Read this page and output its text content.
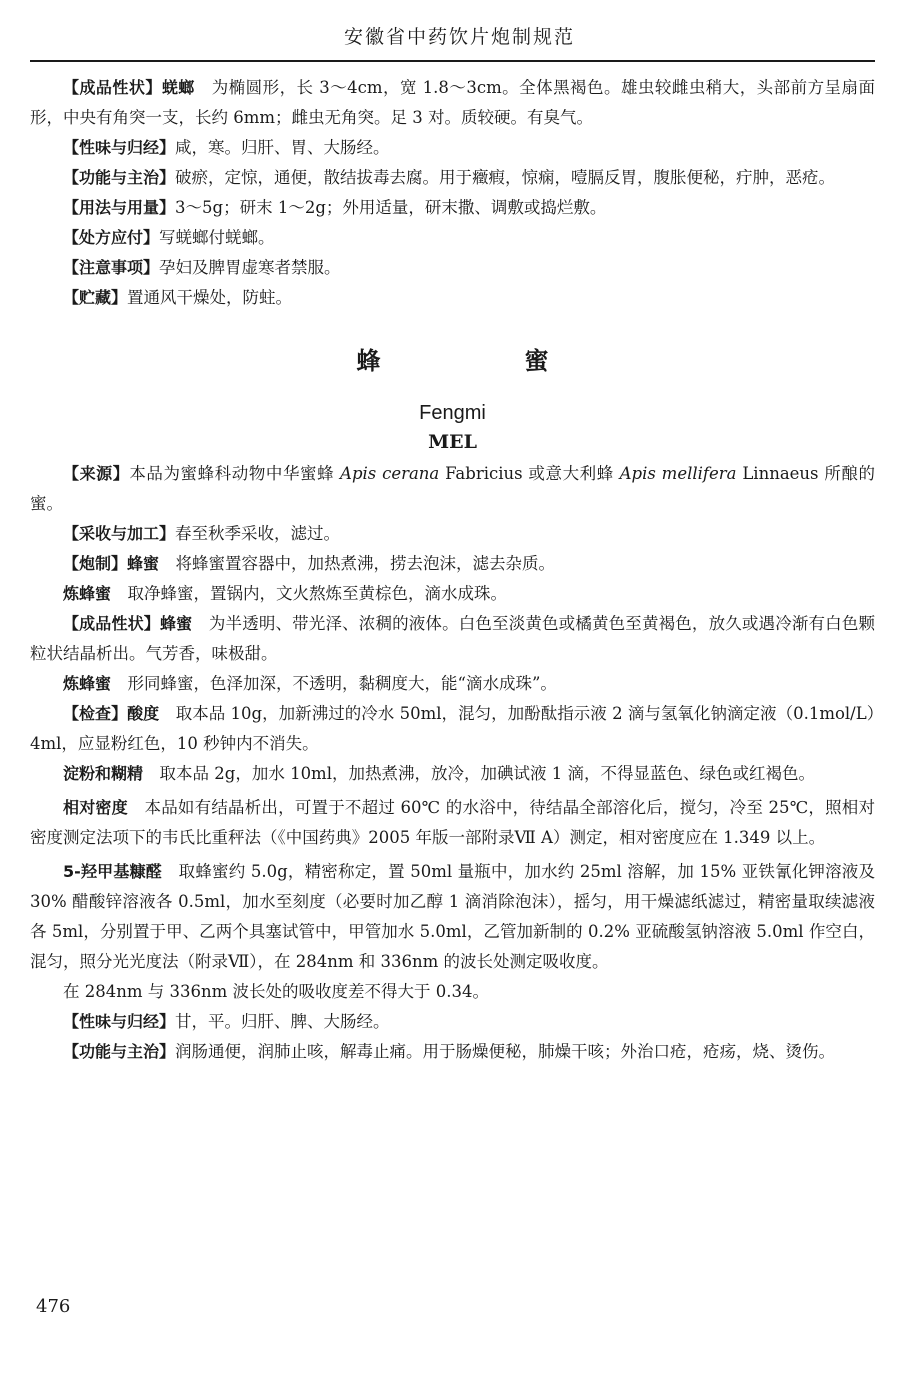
安徽省中药饮片炮制规范

【成品性状】蜣螂　为椭圆形，长 3～4cm，宽 1.8～3cm。全体黑褐色。雄虫较雌虫稍大，头部前方呈扇面形，中央有角突一支，长约 6mm；雌虫无角突。足 3 对。质较硬。有臭气。

【性味与归经】咸，寒。归肝、胃、大肠经。

【功能与主治】破瘀，定惊，通便，散结拔毒去腐。用于癥瘕，惊痫，噎膈反胃，腹胀便秘，疔肿，恶疮。

【用法与用量】3～5g；研末 1～2g；外用适量，研末撒、调敷或捣烂敷。

【处方应付】写蜣螂付蜣螂。

【注意事项】孕妇及脾胃虚寒者禁服。

【贮藏】置通风干燥处，防蛀。

蜂　蜜
Fengmi
MEL

【来源】本品为蜜蜂科动物中华蜜蜂 Apis cerana Fabricius 或意大利蜂 Apis mellifera Linnaeus 所酿的蜜。

【采收与加工】春至秋季采收，滤过。

【炮制】蜂蜜　将蜂蜜置容器中，加热煮沸，捞去泡沫，滤去杂质。

炼蜂蜜　取净蜂蜜，置锅内，文火熬炼至黄棕色，滴水成珠。

【成品性状】蜂蜜　为半透明、带光泽、浓稠的液体。白色至淡黄色或橘黄色至黄褐色，放久或遇冷渐有白色颗粒状结晶析出。气芳香，味极甜。

炼蜂蜜　形同蜂蜜，色泽加深，不透明，黏稠度大，能“滴水成珠”。

【检查】酸度　取本品 10g，加新沸过的冷水 50ml，混匀，加酚酞指示液 2 滴与氢氧化钠滴定液（0.1mol/L）4ml，应显粉红色，10 秒钟内不消失。

淀粉和糊精　取本品 2g，加水 10ml，加热煮沸，放冷，加碘试液 1 滴，不得显蓝色、绿色或红褐色。

相对密度　本品如有结晶析出，可置于不超过 60℃ 的水浴中，待结晶全部溶化后，搅匀，冷至 25℃，照相对密度测定法项下的韦氏比重秤法（《中国药典》2005 年版一部附录Ⅶ A）测定，相对密度应在 1.349 以上。

5-羟甲基糠醛　取蜂蜜约 5.0g，精密称定，置 50ml 量瓶中，加水约 25ml 溶解，加 15% 亚铁氰化钾溶液及 30% 醋酸锌溶液各 0.5ml，加水至刻度（必要时加乙醇 1 滴消除泡沫），摇匀，用干燥滤纸滤过，精密量取续滤液各 5ml，分别置于甲、乙两个具塞试管中，甲管加水 5.0ml，乙管加新制的 0.2% 亚硫酸氢钠溶液 5.0ml 作空白，混匀，照分光光度法（附录Ⅶ），在 284nm 和 336nm 的波长处测定吸收度。

在 284nm 与 336nm 波长处的吸收度差不得大于 0.34。

【性味与归经】甘，平。归肝、脾、大肠经。

【功能与主治】润肠通便，润肺止咳，解毒止痛。用于肠燥便秘，肺燥干咳；外治口疮，疮疡，烧、烫伤。

476
